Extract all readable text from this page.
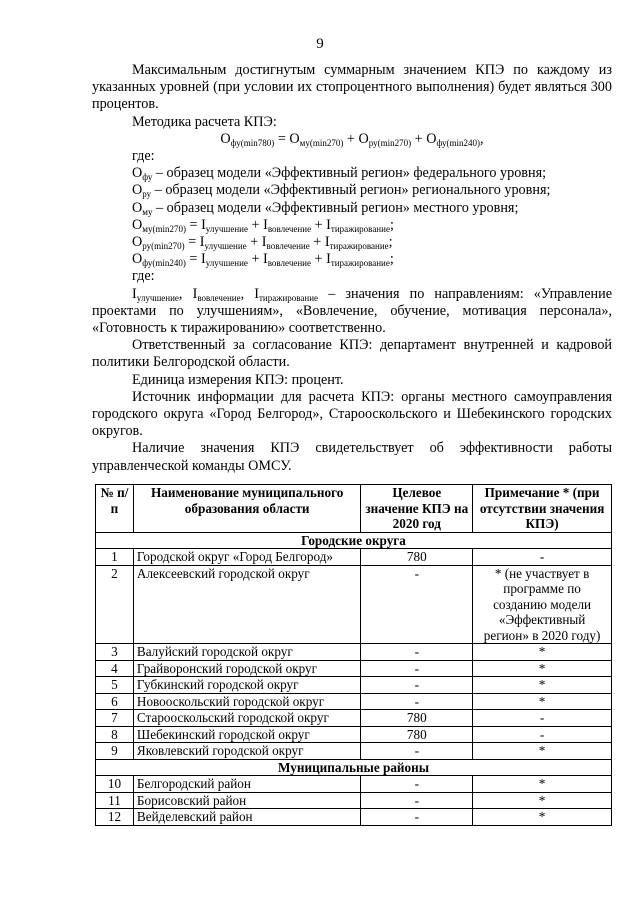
9

Максимальным достигнутым суммарным значением КПЭ по каждому из указанных уровней (при условии их стопроцентного выполнения) будет являться 300 процентов.

Методика расчета КПЭ:

$О_{фу(min780)} = О_{му(min270)} + О_{ру(min270)} + О_{фу(min240)}$,

где:

$О_{фу}$ – образец модели «Эффективный регион» федерального уровня;

$О_{ру}$ – образец модели «Эффективный регион» регионального уровня;

$О_{му}$ – образец модели «Эффективный регион» местного уровня;

$О_{му(min270)} = I_{улучшение} + I_{вовлечение} + I_{тиражирование}$;

$О_{ру(min270)} = I_{улучшение} + I_{вовлечение} + I_{тиражирование}$;

$О_{фу(min240)} = I_{улучшение} + I_{вовлечение} + I_{тиражирование}$;

где:

$I_{улучшение}$, $I_{вовлечение}$, $I_{тиражирование}$ – значения по направлениям: «Управление проектами по улучшениям», «Вовлечение, обучение, мотивация персонала», «Готовность к тиражированию» соответственно.

Ответственный за согласование КПЭ: департамент внутренней и кадровой политики Белгородской области.

Единица измерения КПЭ: процент.

Источник информации для расчета КПЭ: органы местного самоуправления городского округа «Город Белгород», Старооскольского и Шебекинского городских округов.

Наличие значения КПЭ свидетельствует об эффективности работы управленческой команды ОМСУ.

№ п/п	Наименование муниципального образования области	Целевое значение КПЭ на 2020 год	Примечание * (при отсутствии значения КПЭ)
Городские округа			
1	Городской округ «Город Белгород»	780	-
2	Алексеевский городской округ	-	* (не участвует в программе по созданию модели «Эффективный регион» в 2020 году)
3	Валуйский городской округ	-	*
4	Грайворонский городской округ	-	*
5	Губкинский городской округ	-	*
6	Новооскольский городской округ	-	*
7	Старооскольский городской округ	780	-
8	Шебекинский городской округ	780	-
9	Яковлевский городской округ	-	*
Муниципальные районы			
10	Белгородский район	-	*
11	Борисовский район	-	*
12	Вейделевский район	-	*
